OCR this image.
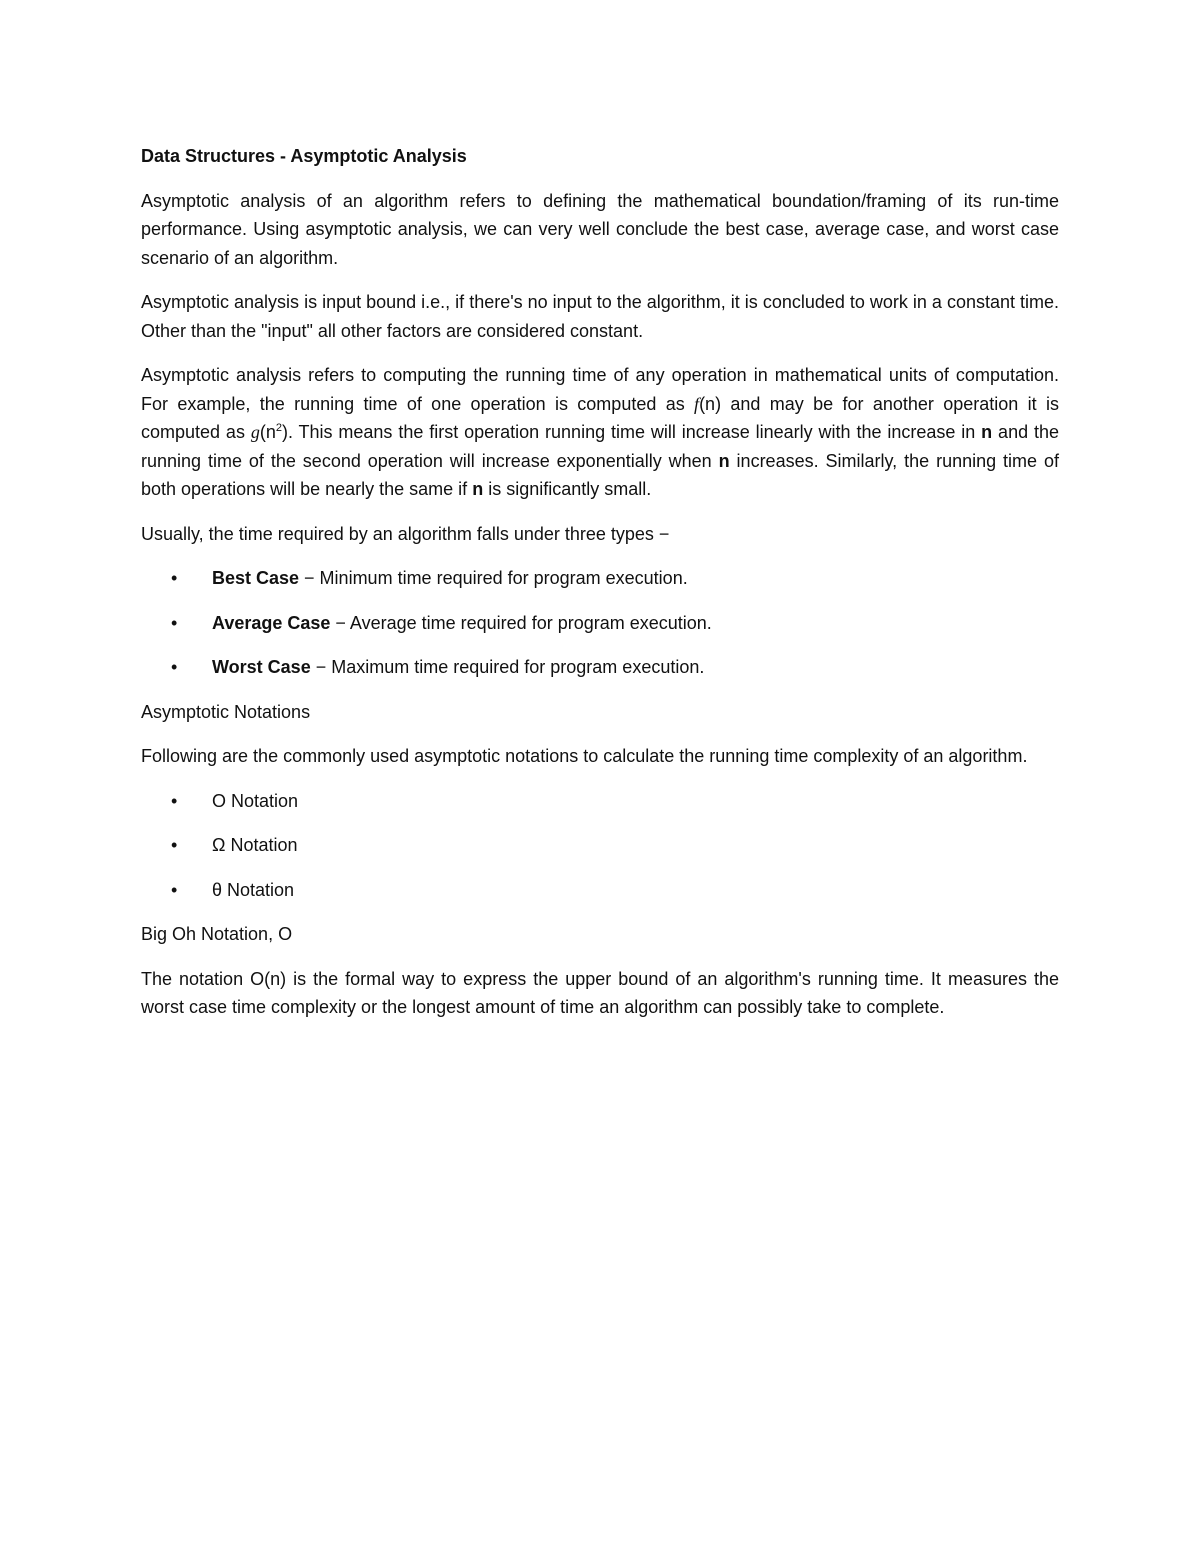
Data Structures - Asymptotic Analysis

Asymptotic analysis of an algorithm refers to defining the mathematical boundation/framing of its run-time performance. Using asymptotic analysis, we can very well conclude the best case, average case, and worst case scenario of an algorithm.

Asymptotic analysis is input bound i.e., if there's no input to the algorithm, it is concluded to work in a constant time. Other than the "input" all other factors are considered constant.

Asymptotic analysis refers to computing the running time of any operation in mathematical units of computation. For example, the running time of one operation is computed as f(n) and may be for another operation it is computed as $g(n^2)$. This means the first operation running time will increase linearly with the increase in n and the running time of the second operation will increase exponentially when n increases. Similarly, the running time of both operations will be nearly the same if n is significantly small.

Usually, the time required by an algorithm falls under three types −

• Best Case − Minimum time required for program execution.
• Average Case − Average time required for program execution.
• Worst Case − Maximum time required for program execution.
Asymptotic Notations

Following are the commonly used asymptotic notations to calculate the running time complexity of an algorithm.

• Ο Notation
• Ω Notation
• θ Notation
Big Oh Notation, Ο

The notation Ο(n) is the formal way to express the upper bound of an algorithm's running time. It measures the worst case time complexity or the longest amount of time an algorithm can possibly take to complete.
